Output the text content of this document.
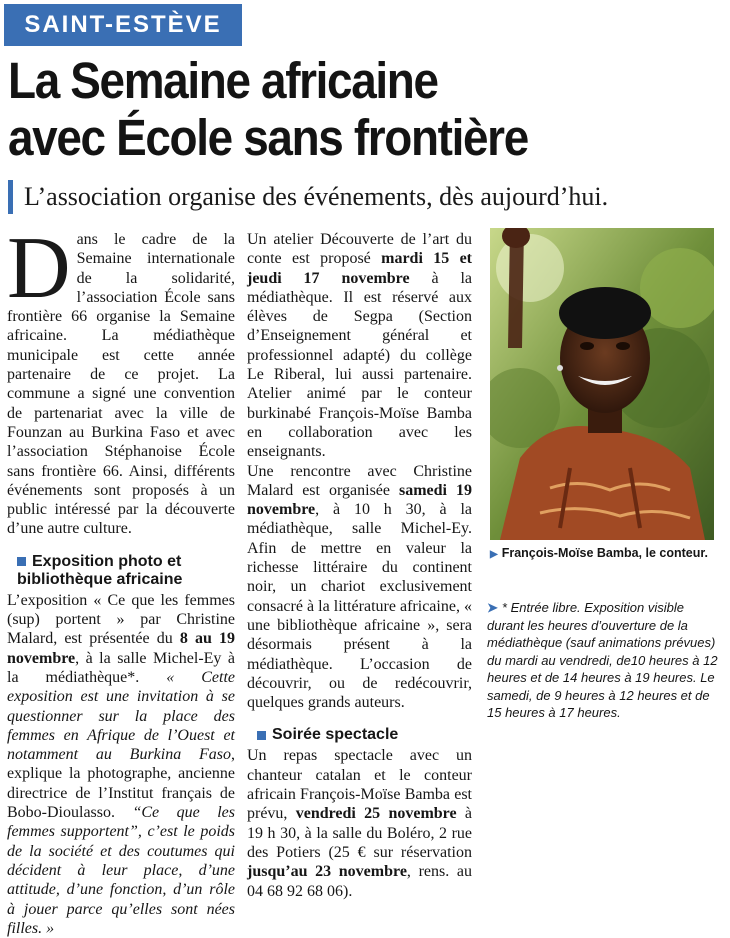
SAINT-ESTÈVE
La Semaine africaine
avec École sans frontière
L’association organise des événements, dès aujourd’hui.

Dans le cadre de la Semaine internationale de la solidarité, l’association École sans frontière 66 organise la Semaine africaine. La médiathèque municipale est cette année partenaire de ce projet. La commune a signé une convention de partenariat avec la ville de Founzan au Burkina Faso et avec l’association Stéphanoise École sans frontière 66. Ainsi, différents événements sont proposés à un public intéressé par la découverte d’une autre culture.

Exposition photo et bibliothèque africaine

L’exposition « Ce que les femmes (sup) portent » par Christine Malard, est présentée du 8 au 19 novembre, à la salle Michel-Ey à la médiathèque*. « Cette exposition est une invitation à se questionner sur la place des femmes en Afrique de l’Ouest et notamment au Burkina Faso, explique la photographe, ancienne directrice de l’Institut français de Bobo-Dioulasso. “Ce que les femmes supportent”, c’est le poids de la société et des coutumes qui décident à leur place, d’une attitude, d’une fonction, d’un rôle à jouer parce qu’elles sont nées filles. »

Un atelier Découverte de l’art du conte est proposé mardi 15 et jeudi 17 novembre à la médiathèque. Il est réservé aux élèves de Segpa (Section d’Enseignement général et professionnel adapté) du collège Le Riberal, lui aussi partenaire. Atelier animé par le conteur burkinabé François-Moïse Bamba en collaboration avec les enseignants.

Une rencontre avec Christine Malard est organisée samedi 19 novembre, à 10 h 30, à la médiathèque, salle Michel-Ey. Afin de mettre en valeur la richesse littéraire du continent noir, un chariot exclusivement consacré à la littérature africaine, « une bibliothèque africaine », sera désormais présent à la médiathèque. L’occasion de découvrir, ou de redécouvrir, quelques grands auteurs.

Soirée spectacle

Un repas spectacle avec un chanteur catalan et le conteur africain François-Moïse Bamba est prévu, vendredi 25 novembre à 19 h 30, à la salle du Boléro, 2 rue des Potiers (25 € sur réservation jusqu’au 23 novembre, rens. au 04 68 92 68 06).

▶ François-Moïse Bamba, le conteur.

➤ * Entrée libre. Exposition visible durant les heures d’ouverture de la médiathèque (sauf animations prévues) du mardi au vendredi, de10 heures à 12 heures et de 14 heures à 19 heures. Le samedi, de 9 heures à 12 heures et de 15 heures à 17 heures.
